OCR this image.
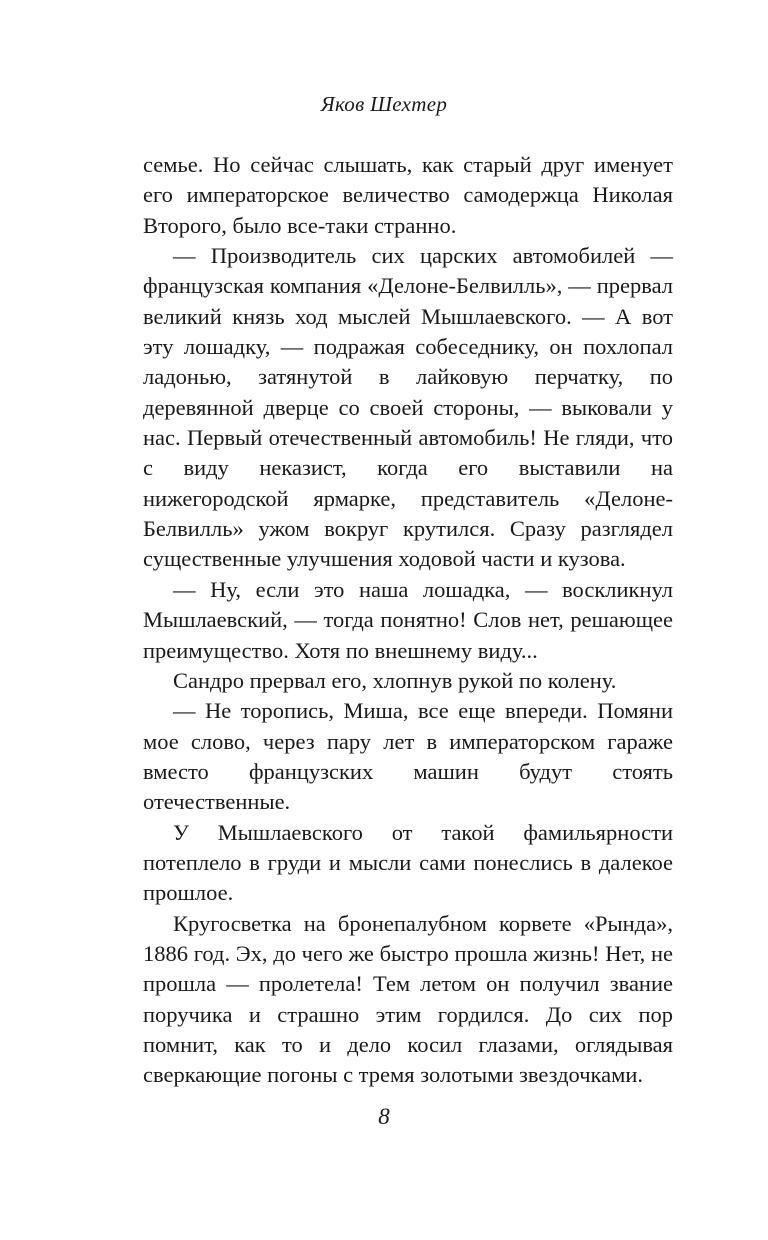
Яков Шехтер

семье. Но сейчас слышать, как старый друг именует его императорское величество самодержца Николая Второго, было все-таки странно.

— Производитель сих царских автомобилей — французская компания «Делоне-Белвилль», — прервал великий князь ход мыслей Мышлаевского. — А вот эту лошадку, — подражая собеседнику, он похлопал ладонью, затянутой в лайковую перчатку, по деревянной дверце со своей стороны, — выковали у нас. Первый отечественный автомобиль! Не гляди, что с виду неказист, когда его выставили на нижегородской ярмарке, представитель «Делоне-Белвилль» ужом вокруг крутился. Сразу разглядел существенные улучшения ходовой части и кузова.

— Ну, если это наша лошадка, — воскликнул Мышлаевский, — тогда понятно! Слов нет, решающее преимущество. Хотя по внешнему виду...

Сандро прервал его, хлопнув рукой по колену.

— Не торопись, Миша, все еще впереди. Помяни мое слово, через пару лет в императорском гараже вместо французских машин будут стоять отечественные.

У Мышлаевского от такой фамильярности потеплело в груди и мысли сами понеслись в далекое прошлое.

Кругосветка на бронепалубном корвете «Рында», 1886 год. Эх, до чего же быстро прошла жизнь! Нет, не прошла — пролетела! Тем летом он получил звание поручика и страшно этим гордился. До сих пор помнит, как то и дело косил глазами, оглядывая сверкающие погоны с тремя золотыми звездочками.

8
